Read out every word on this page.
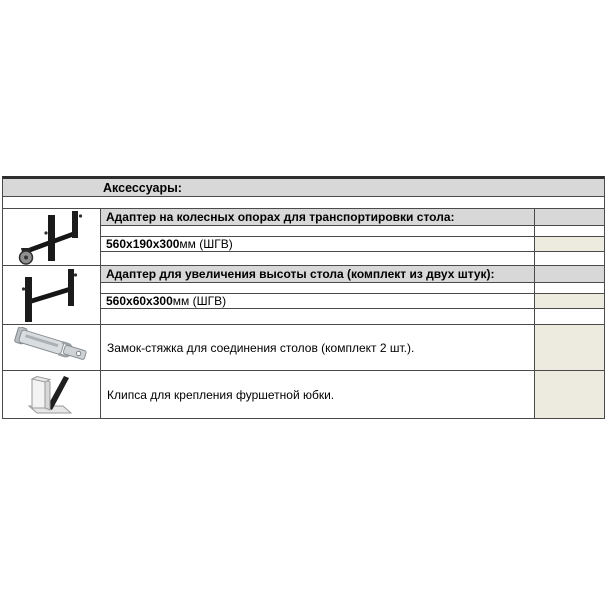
Аксессуары:
Адаптер на колесных опорах для транспортировки стола:
560x190x300 мм (ШГВ)
Адаптер для увеличения высоты стола (комплект из двух штук):
560x60x300 мм (ШГВ)
Замок-стяжка для соединения столов (комплект 2 шт.).
Клипса для крепления фуршетной юбки.
